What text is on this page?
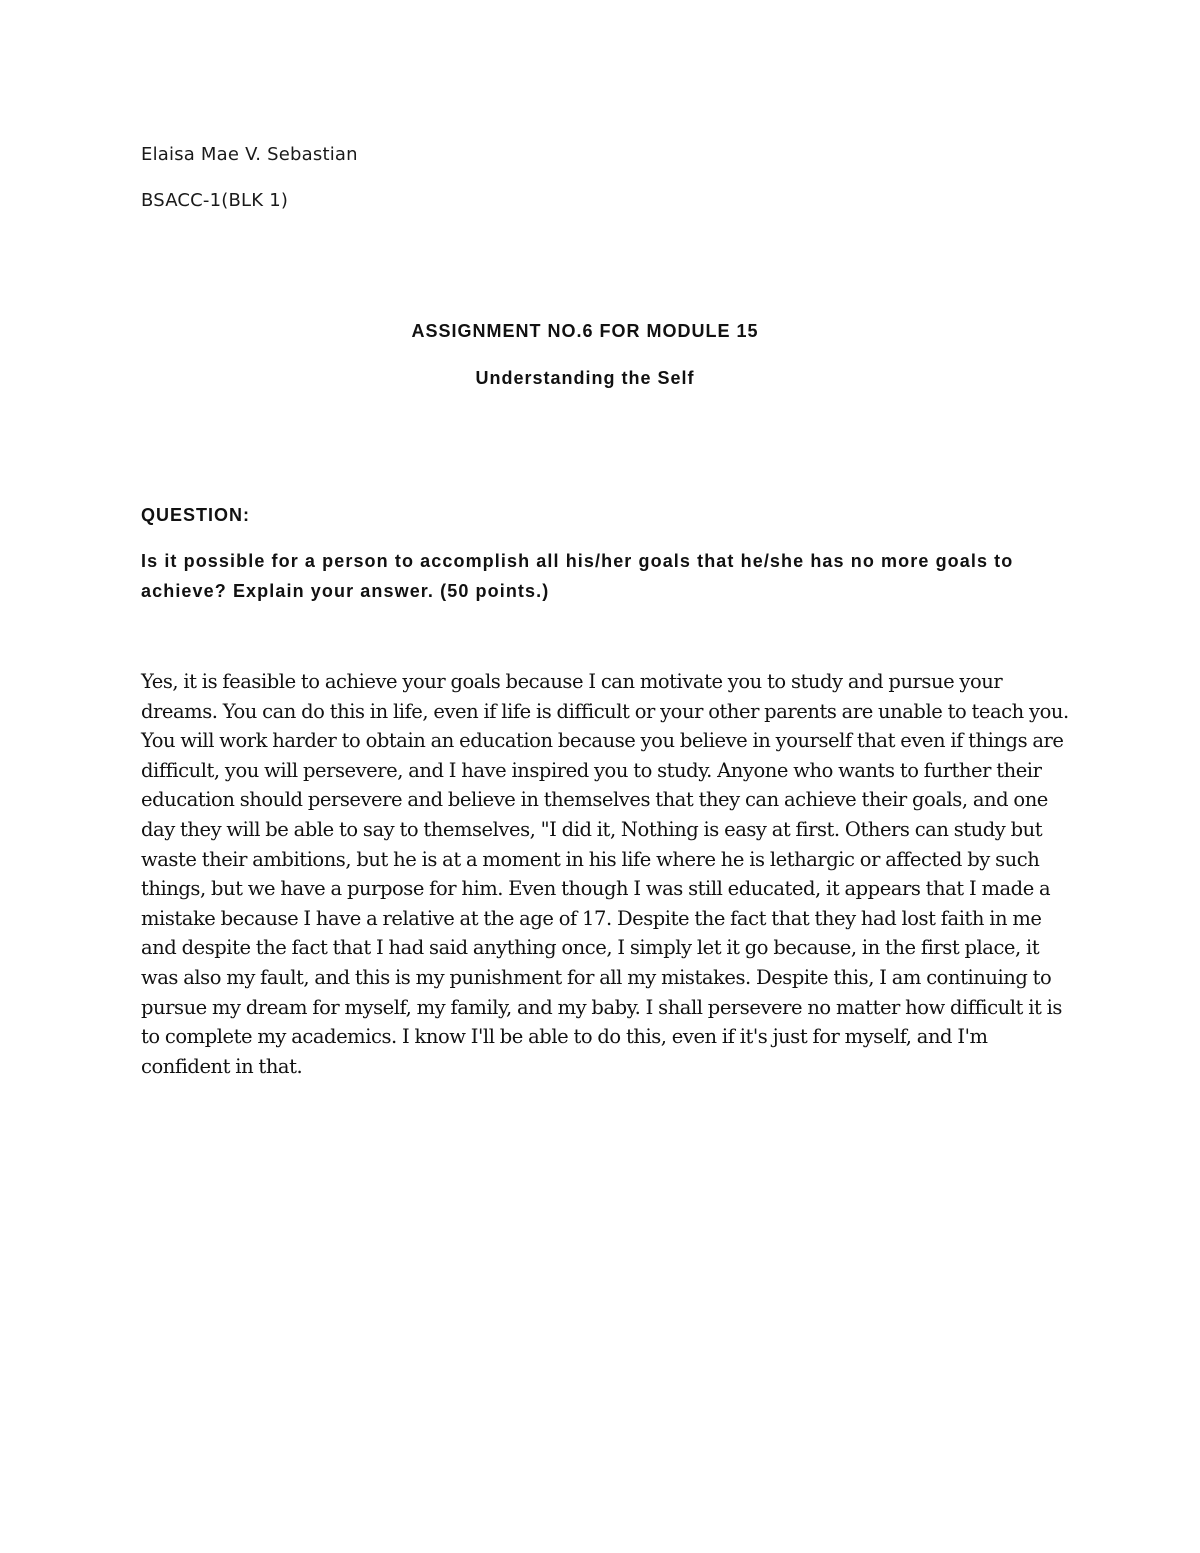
Elaisa Mae V. Sebastian
BSACC-1(BLK 1)
ASSIGNMENT NO.6 FOR MODULE 15
Understanding the Self
QUESTION:
Is it possible for a person to accomplish all his/her goals that he/she has no more goals to achieve? Explain your answer. (50 points.)

Yes, it is feasible to achieve your goals because I can motivate you to study and pursue your dreams. You can do this in life, even if life is difficult or your other parents are unable to teach you. You will work harder to obtain an education because you believe in yourself that even if things are difficult, you will persevere, and I have inspired you to study. Anyone who wants to further their education should persevere and believe in themselves that they can achieve their goals, and one day they will be able to say to themselves, "I did it, Nothing is easy at first. Others can study but waste their ambitions, but he is at a moment in his life where he is lethargic or affected by such things, but we have a purpose for him. Even though I was still educated, it appears that I made a mistake because I have a relative at the age of 17. Despite the fact that they had lost faith in me and despite the fact that I had said anything once, I simply let it go because, in the first place, it was also my fault, and this is my punishment for all my mistakes. Despite this, I am continuing to pursue my dream for myself, my family, and my baby. I shall persevere no matter how difficult it is to complete my academics. I know I'll be able to do this, even if it's just for myself, and I'm confident in that.
